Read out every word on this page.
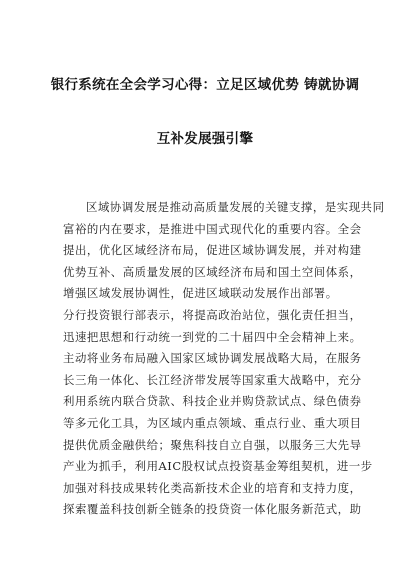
银行系统在全会学习心得：立足区域优势 铸就协调
互补发展强引擎
区域协调发展是推动高质量发展的关键支撑，是实现共同
富裕的内在要求，是推进中国式现代化的重要内容。全会
提出，优化区域经济布局，促进区域协调发展，并对构建
优势互补、高质量发展的区域经济布局和国土空间体系，
增强区域发展协调性，促进区域联动发展作出部署。
分行投资银行部表示，将提高政治站位，强化责任担当，
迅速把思想和行动统一到党的二十届四中全会精神上来。
主动将业务布局融入国家区域协调发展战略大局，在服务
长三角一体化、长江经济带发展等国家重大战略中，充分
利用系统内联合贷款、科技企业并购贷款试点、绿色债券
等多元化工具，为区域内重点领域、重点行业、重大项目
提供优质金融供给；聚焦科技自立自强，以服务三大先导
产业为抓手，利用AIC股权试点投资基金筹组契机，进一步
加强对科技成果转化类高新技术企业的培育和支持力度，
探索覆盖科技创新全链条的投贷资一体化服务新范式，助
